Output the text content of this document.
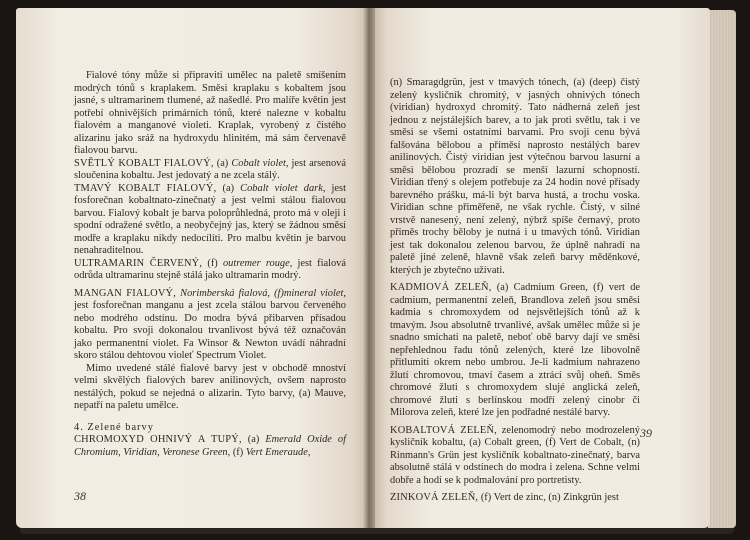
Fialové tóny může si připraviti umělec na paletě smíšením modrých tónů s kraplakem. Směsi kraplaku s kobaltem jsou jasné, s ultramarinem tlumené, až našedlé. Pro malíře květin jest potřebí ohnivějších primárních tónů, které nalezne v kobaltu fialovém a manganové violeti. Kraplak, vyrobený z čistého alizarinu jako sráž na hydroxydu hlinitém, má sám červenavě fialovou barvu.

SVĚTLÝ KOBALT FIALOVÝ, (a) Cobalt violet, jest arsenová sloučenina kobaltu. Jest jedovatý a ne zcela stálý.

TMAVÝ KOBALT FIALOVÝ, (a) Cobalt violet dark, jest fosforečnan kobaltnato-zinečnatý a jest velmi stálou fialovou barvou. Fialový kobalt je barva poloprůhledná, proto má v oleji i spodní odražené světlo, a neobyčejný jas, který se žádnou směsí modře a kraplaku nikdy nedocílíti. Pro malbu květin je barvou nenahraditelnou.

ULTRAMARIN ČERVENÝ, (f) outremer rouge, jest fialová odrůda ultramarinu stejně stálá jako ultramarin modrý.

MANGAN FIALOVÝ, Norimberská fialová, (f)mineral violet, jest fosforečnan manganu a jest zcela stálou barvou červeného nebo modrého odstínu. Do modra bývá přibarven přísadou kobaltu. Pro svoji dokonalou trvanlivost bývá též označován jako permanentní violet. Fa Winsor & Newton uvádí náhradní skoro stálou dehtovou violeť Spectrum Violet.

Mimo uvedené stálé fialové barvy jest v obchodě mnoství velmi skvělých fialových barev anilinových, ovšem naprosto nestálých, pokud se nejedná o alizarin. Tyto barvy, (a) Mauve, nepatří na paletu umělce.

4. Zelené barvy

CHROMOXYD OHNIVÝ A TUPÝ, (a) Emerald Oxide of Chromium, Viridian, Veronese Green, (f) Vert Emeraude,

38

(n) Smaragdgrün, jest v tmavých tónech, (a) (deep) čistý zelený kysličník chromitý, v jasných ohnivých tónech (viridian) hydroxyd chromitý. Tato nádherná zeleň jest jednou z nejstálejších barev, a to jak proti světlu, tak i ve směsi se všemi ostatními barvami. Pro svoji cenu bývá falšována bělobou a příměsí naprosto nestálých barev anilinových. Čistý viridian jest výtečnou barvou lasurní a směsi bělobou prozradí se menší lazurní schopností. Viridian třený s olejem potřebuje za 24 hodin nové přísady barevného prášku, má-li být barva hustá, a trochu voska. Viridian schne přiměřeně, ne však rychle. Čistý, v silné vrstvě nanesený, není zelený, nýbrž spíše černavý, proto přiměs trochy běloby je nutná i u tmavých tónů. Viridian jest tak dokonalou zelenou barvou, že úplně nahradí na paletě jiné zeleně, hlavně však zeleň barvy měděnkové, kterých je zbytečno užívati.

KADMIOVÁ ZELEŇ, (a) Cadmium Green, (f) vert de cadmium, permanentní zeleň, Brandlova zeleň jsou směsi kadmia s chromoxydem od nejsvětlejších tónů až k tmavým. Jsou absolutně trvanlivé, avšak umělec může si je snadno smíchati na paletě, neboť obě barvy dají ve směsi nepřehlednou řadu tónů zelených, které lze libovolně přitlumiti okrem nebo umbrou. Je-li kadmium nahrazeno žlutí chromovou, tmaví časem a ztrácí svůj oheň. Směs chromové žluti s chromoxydem slujé anglická zeleň, chromové žluti s berlínskou modří zelený cinobr či Milorova zeleň, které lze jen podřadné nestálé barvy.

KOBALTOVÁ ZELEŇ, zelenomodrý nebo modrozelený kysličník kobaltu, (a) Cobalt green, (f) Vert de Cobalt, (n) Rinmann's Grün jest kysličník kobaltnato-zinečnatý, barva absolutně stálá v odstínech do modra i zelena. Schne velmi dobře a hodí se k podmalování pro portretisty.

ZINKOVÁ ZELEŇ, (f) Vert de zinc, (n) Zinkgrün jest

39
